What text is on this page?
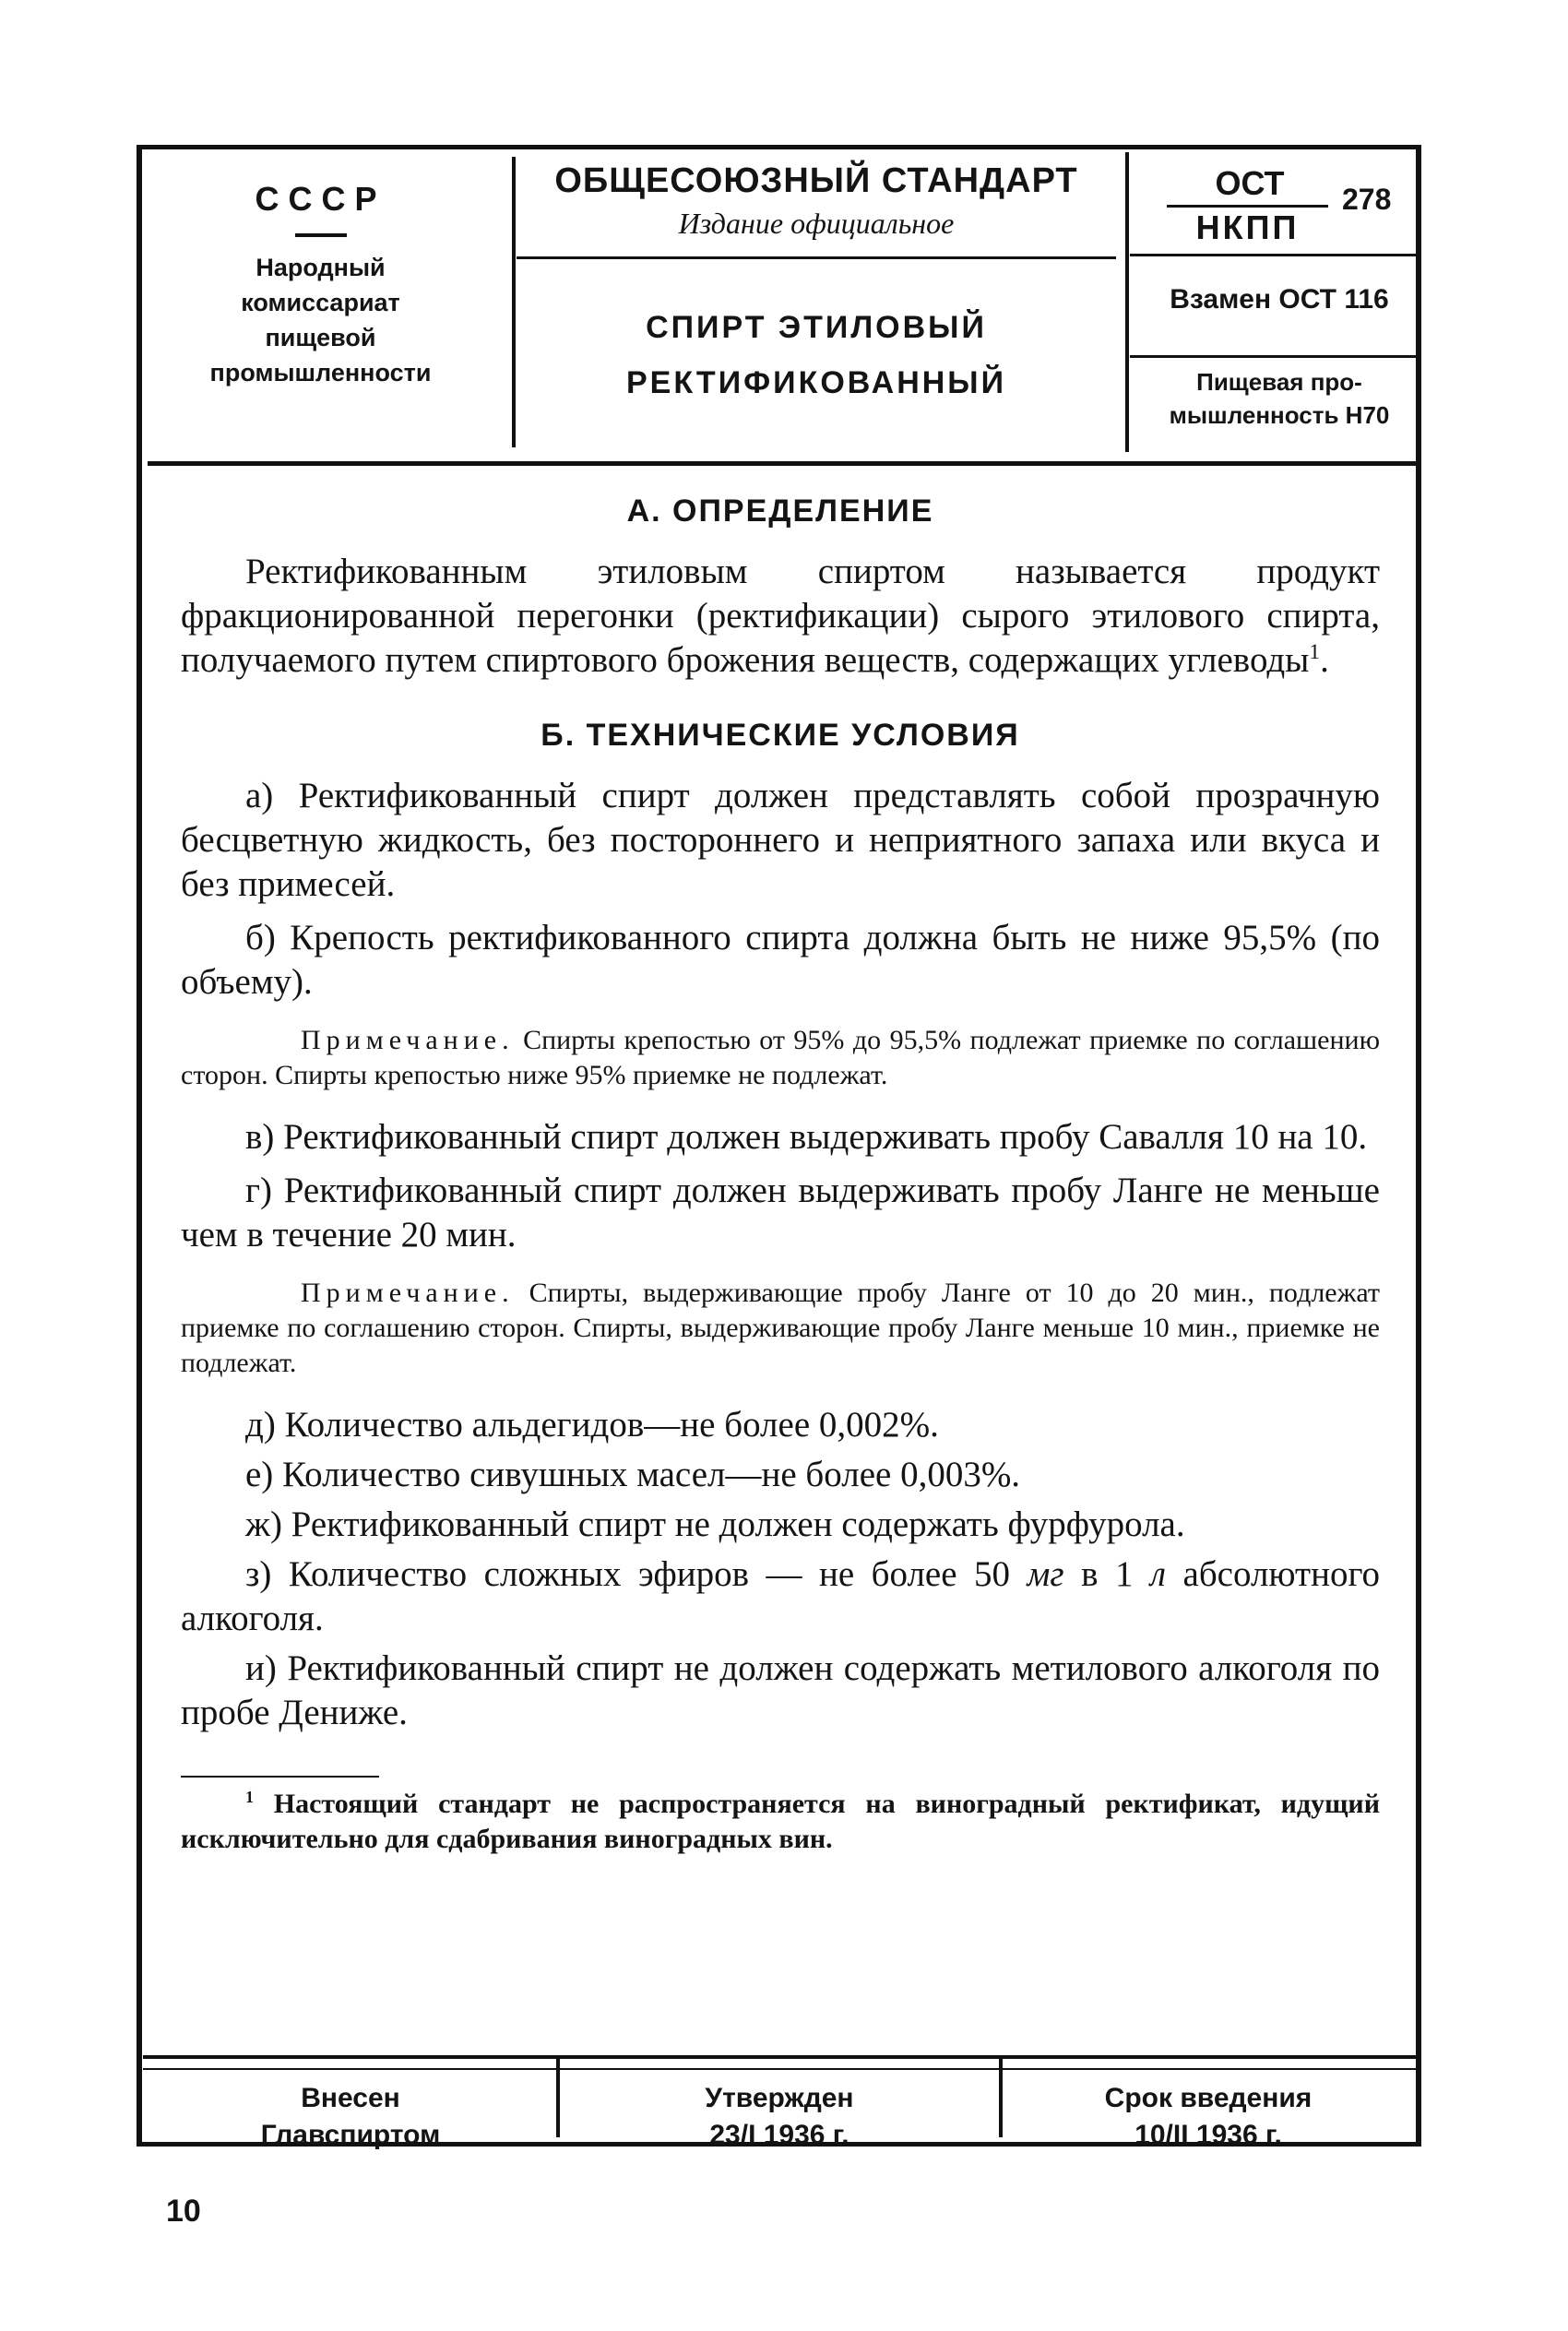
СССР
Народный
комиссариат
пищевой
промышленности
ОБЩЕСОЮЗНЫЙ СТАНДАРТ
Издание официальное
СПИРТ ЭТИЛОВЫЙ
РЕКТИФИКОВАННЫЙ
ОСТ
НКПП
278
Взамен ОСТ 116
Пищевая про-
мышленность Н70
А. ОПРЕДЕЛЕНИЕ

Ректификованным этиловым спиртом называется продукт фракционированной перегонки (ректификации) сырого этилового спирта, получаемого путем спиртового брожения веществ, содержащих углеводы$^1$.

Б. ТЕХНИЧЕСКИЕ УСЛОВИЯ

а) Ректификованный спирт должен представлять собой прозрачную бесцветную жидкость, без постороннего и неприятного запаха или вкуса и без примесей.

б) Крепость ректификованного спирта должна быть не ниже 95,5% (по объему).

Примечание. Спирты крепостью от 95% до 95,5% подлежат приемке по соглашению сторон. Спирты крепостью ниже 95% приемке не подлежат.

в) Ректификованный спирт должен выдерживать пробу Савалля 10 на 10.

г) Ректификованный спирт должен выдерживать пробу Ланге не меньше чем в течение 20 мин.

Примечание. Спирты, выдерживающие пробу Ланге от 10 до 20 мин., подлежат приемке по соглашению сторон. Спирты, выдерживающие пробу Ланге меньше 10 мин., приемке не подлежат.

д) Количество альдегидов—не более 0,002%.

е) Количество сивушных масел—не более 0,003%.

ж) Ректификованный спирт не должен содержать фурфурола.

з) Количество сложных эфиров — не более 50 мг в 1 л абсолютного алкоголя.

и) Ректификованный спирт не должен содержать метилового алкоголя по пробе Дениже.

$^1$ Настоящий стандарт не распространяется на виноградный ректификат, идущий исключительно для сдабривания виноградных вин.

Внесен
Главспиртом
Утвержден
23/I 1936 г.
Срок введения
10/II 1936 г.
10
